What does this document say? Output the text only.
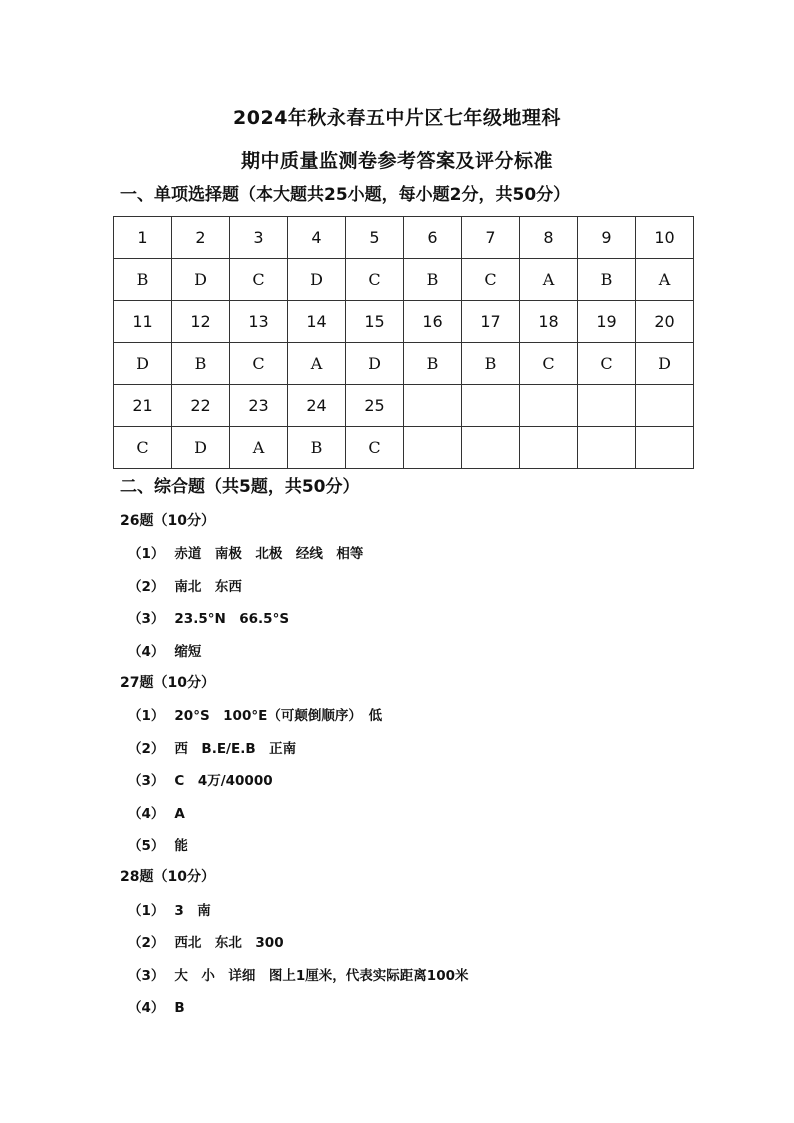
2024年秋永春五中片区七年级地理科
期中质量监测卷参考答案及评分标准
一、单项选择题（本大题共25小题，每小题2分，共50分）
1	2	3	4	5	6	7	8	9	10
B	D	C	D	C	B	C	A	B	A
11	12	13	14	15	16	17	18	19	20
D	B	C	A	D	B	B	C	C	D
21	22	23	24	25					
C	D	A	B	C					
二、综合题（共5题，共50分）
26题（10分）
（1） 赤道　南极　北极　经线　相等
（2） 南北　东西
（3） 23.5°N　66.5°S
（4） 缩短
27题（10分）
（1） 20°S　100°E（可颠倒顺序）　低
（2） 西　B.E/E.B　正南
（3） C　4万/40000
（4） A
（5） 能
28题（10分）
（1） 3　南
（2） 西北　东北　300
（3） 大　小　详细　图上1厘米，代表实际距离100米
（4） B
